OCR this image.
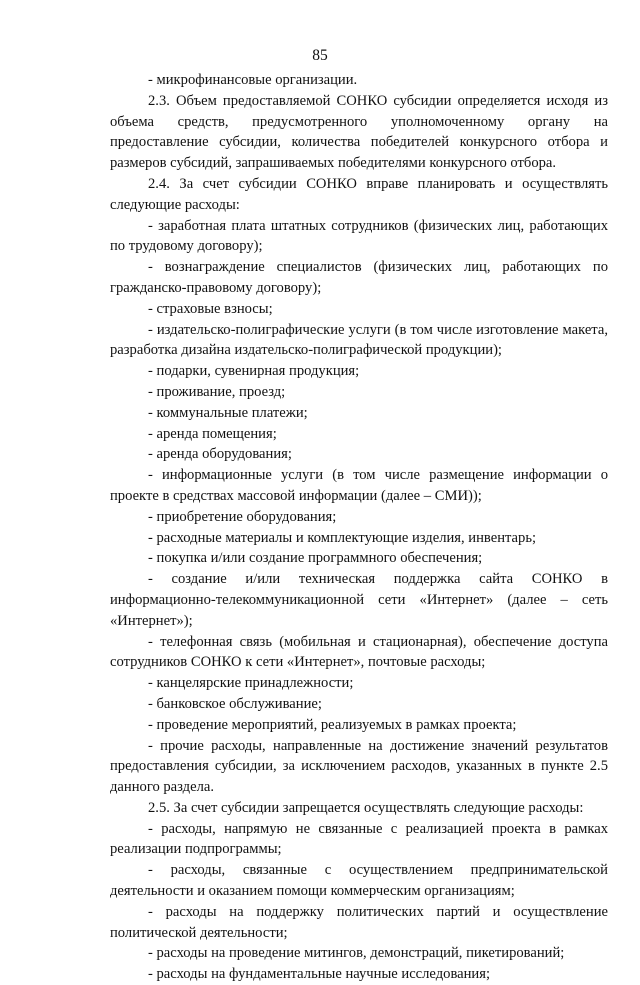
85

- микрофинансовые организации.

2.3. Объем предоставляемой СОНКО субсидии определяется исходя из объема средств, предусмотренного уполномоченному органу на предоставление субсидии, количества победителей конкурсного отбора и размеров субсидий, запрашиваемых победителями конкурсного отбора.

2.4. За счет субсидии СОНКО вправе планировать и осуществлять следующие расходы:

- заработная плата штатных сотрудников (физических лиц, работающих по трудовому договору);

- вознаграждение специалистов (физических лиц, работающих по гражданско-правовому договору);

- страховые взносы;

- издательско-полиграфические услуги (в том числе изготовление макета, разработка дизайна издательско-полиграфической продукции);

- подарки, сувенирная продукция;

- проживание, проезд;

- коммунальные платежи;

- аренда помещения;

- аренда оборудования;

- информационные услуги (в том числе размещение информации о проекте в средствах массовой информации (далее – СМИ));

- приобретение оборудования;

- расходные материалы и комплектующие изделия, инвентарь;

- покупка и/или создание программного обеспечения;

- создание и/или техническая поддержка сайта СОНКО в информационно-телекоммуникационной сети «Интернет» (далее – сеть «Интернет»);

- телефонная связь (мобильная и стационарная), обеспечение доступа сотрудников СОНКО к сети «Интернет», почтовые расходы;

- канцелярские принадлежности;

- банковское обслуживание;

- проведение мероприятий, реализуемых в рамках проекта;

- прочие расходы, направленные на достижение значений результатов предоставления субсидии, за исключением расходов, указанных в пункте 2.5 данного раздела.

2.5. За счет субсидии запрещается осуществлять следующие расходы:

- расходы, напрямую не связанные с реализацией проекта в рамках реализации подпрограммы;

- расходы, связанные с осуществлением предпринимательской деятельности и оказанием помощи коммерческим организациям;

- расходы на поддержку политических партий и осуществление политической деятельности;

- расходы на проведение митингов, демонстраций, пикетирований;

- расходы на фундаментальные научные исследования;
